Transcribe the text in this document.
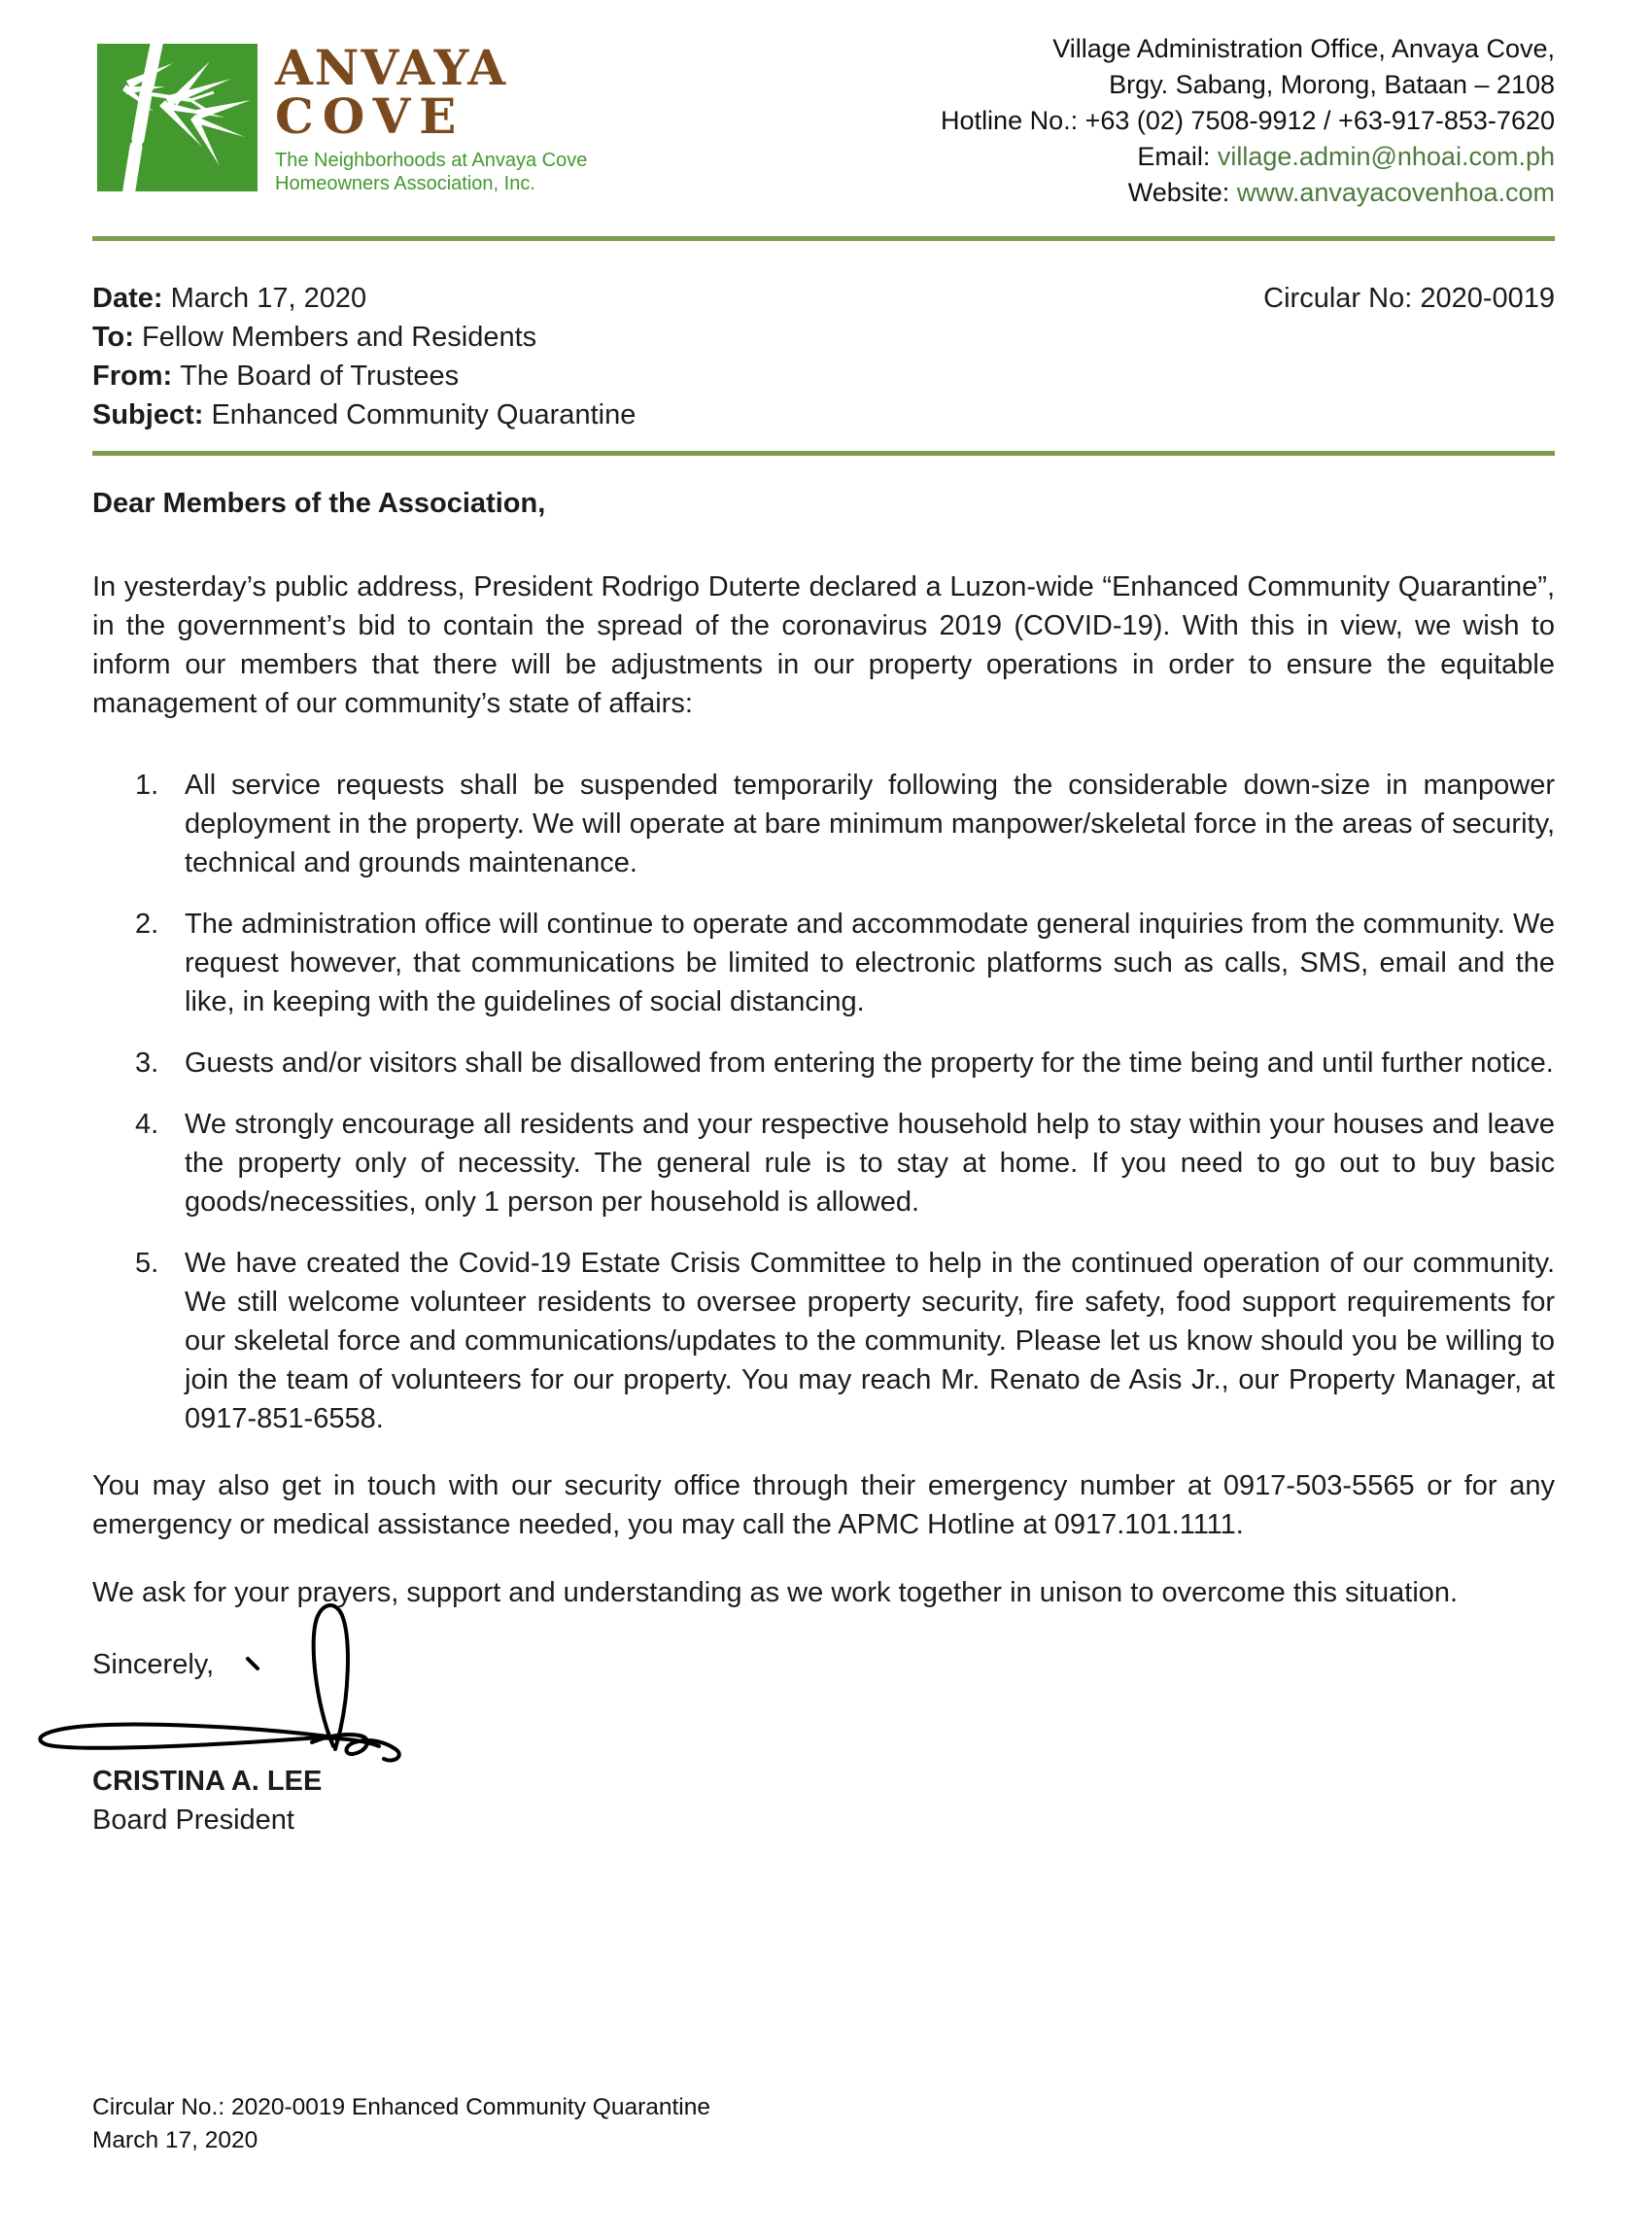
ANVAYA
COVE
The Neighborhoods at Anvaya Cove
Homeowners Association, Inc.
Village Administration Office, Anvaya Cove,
Brgy. Sabang, Morong, Bataan – 2108
Hotline No.: +63 (02) 7508-9912 / +63-917-853-7620
Email: village.admin@nhoai.com.ph
Website: www.anvayacovenhoa.com
Date: March 17, 2020
To: Fellow Members and Residents
From: The Board of Trustees
Subject: Enhanced Community Quarantine
Circular No: 2020-0019
Dear Members of the Association,

In yesterday’s public address, President Rodrigo Duterte declared a Luzon-wide “Enhanced Community Quarantine”, in the government’s bid to contain the spread of the coronavirus 2019 (COVID-19). With this in view, we wish to inform our members that there will be adjustments in our property operations in order to ensure the equitable management of our community’s state of affairs:

1. All service requests shall be suspended temporarily following the considerable down-size in manpower deployment in the property. We will operate at bare minimum manpower/skeletal force in the areas of security, technical and grounds maintenance.
2. The administration office will continue to operate and accommodate general inquiries from the community. We request however, that communications be limited to electronic platforms such as calls, SMS, email and the like, in keeping with the guidelines of social distancing.
3. Guests and/or visitors shall be disallowed from entering the property for the time being and until further notice.
4. We strongly encourage all residents and your respective household help to stay within your houses and leave the property only of necessity. The general rule is to stay at home. If you need to go out to buy basic goods/necessities, only 1 person per household is allowed.
5. We have created the Covid-19 Estate Crisis Committee to help in the continued operation of our community. We still welcome volunteer residents to oversee property security, fire safety, food support requirements for our skeletal force and communications/updates to the community. Please let us know should you be willing to join the team of volunteers for our property. You may reach Mr. Renato de Asis Jr., our Property Manager, at 0917-851-6558.

You may also get in touch with our security office through their emergency number at 0917-503-5565 or for any emergency or medical assistance needed, you may call the APMC Hotline at 0917.101.1111.

We ask for your prayers, support and understanding as we work together in unison to overcome this situation.

Sincerely,
CRISTINA A. LEE
Board President
Circular No.: 2020-0019 Enhanced Community Quarantine
March 17, 2020
